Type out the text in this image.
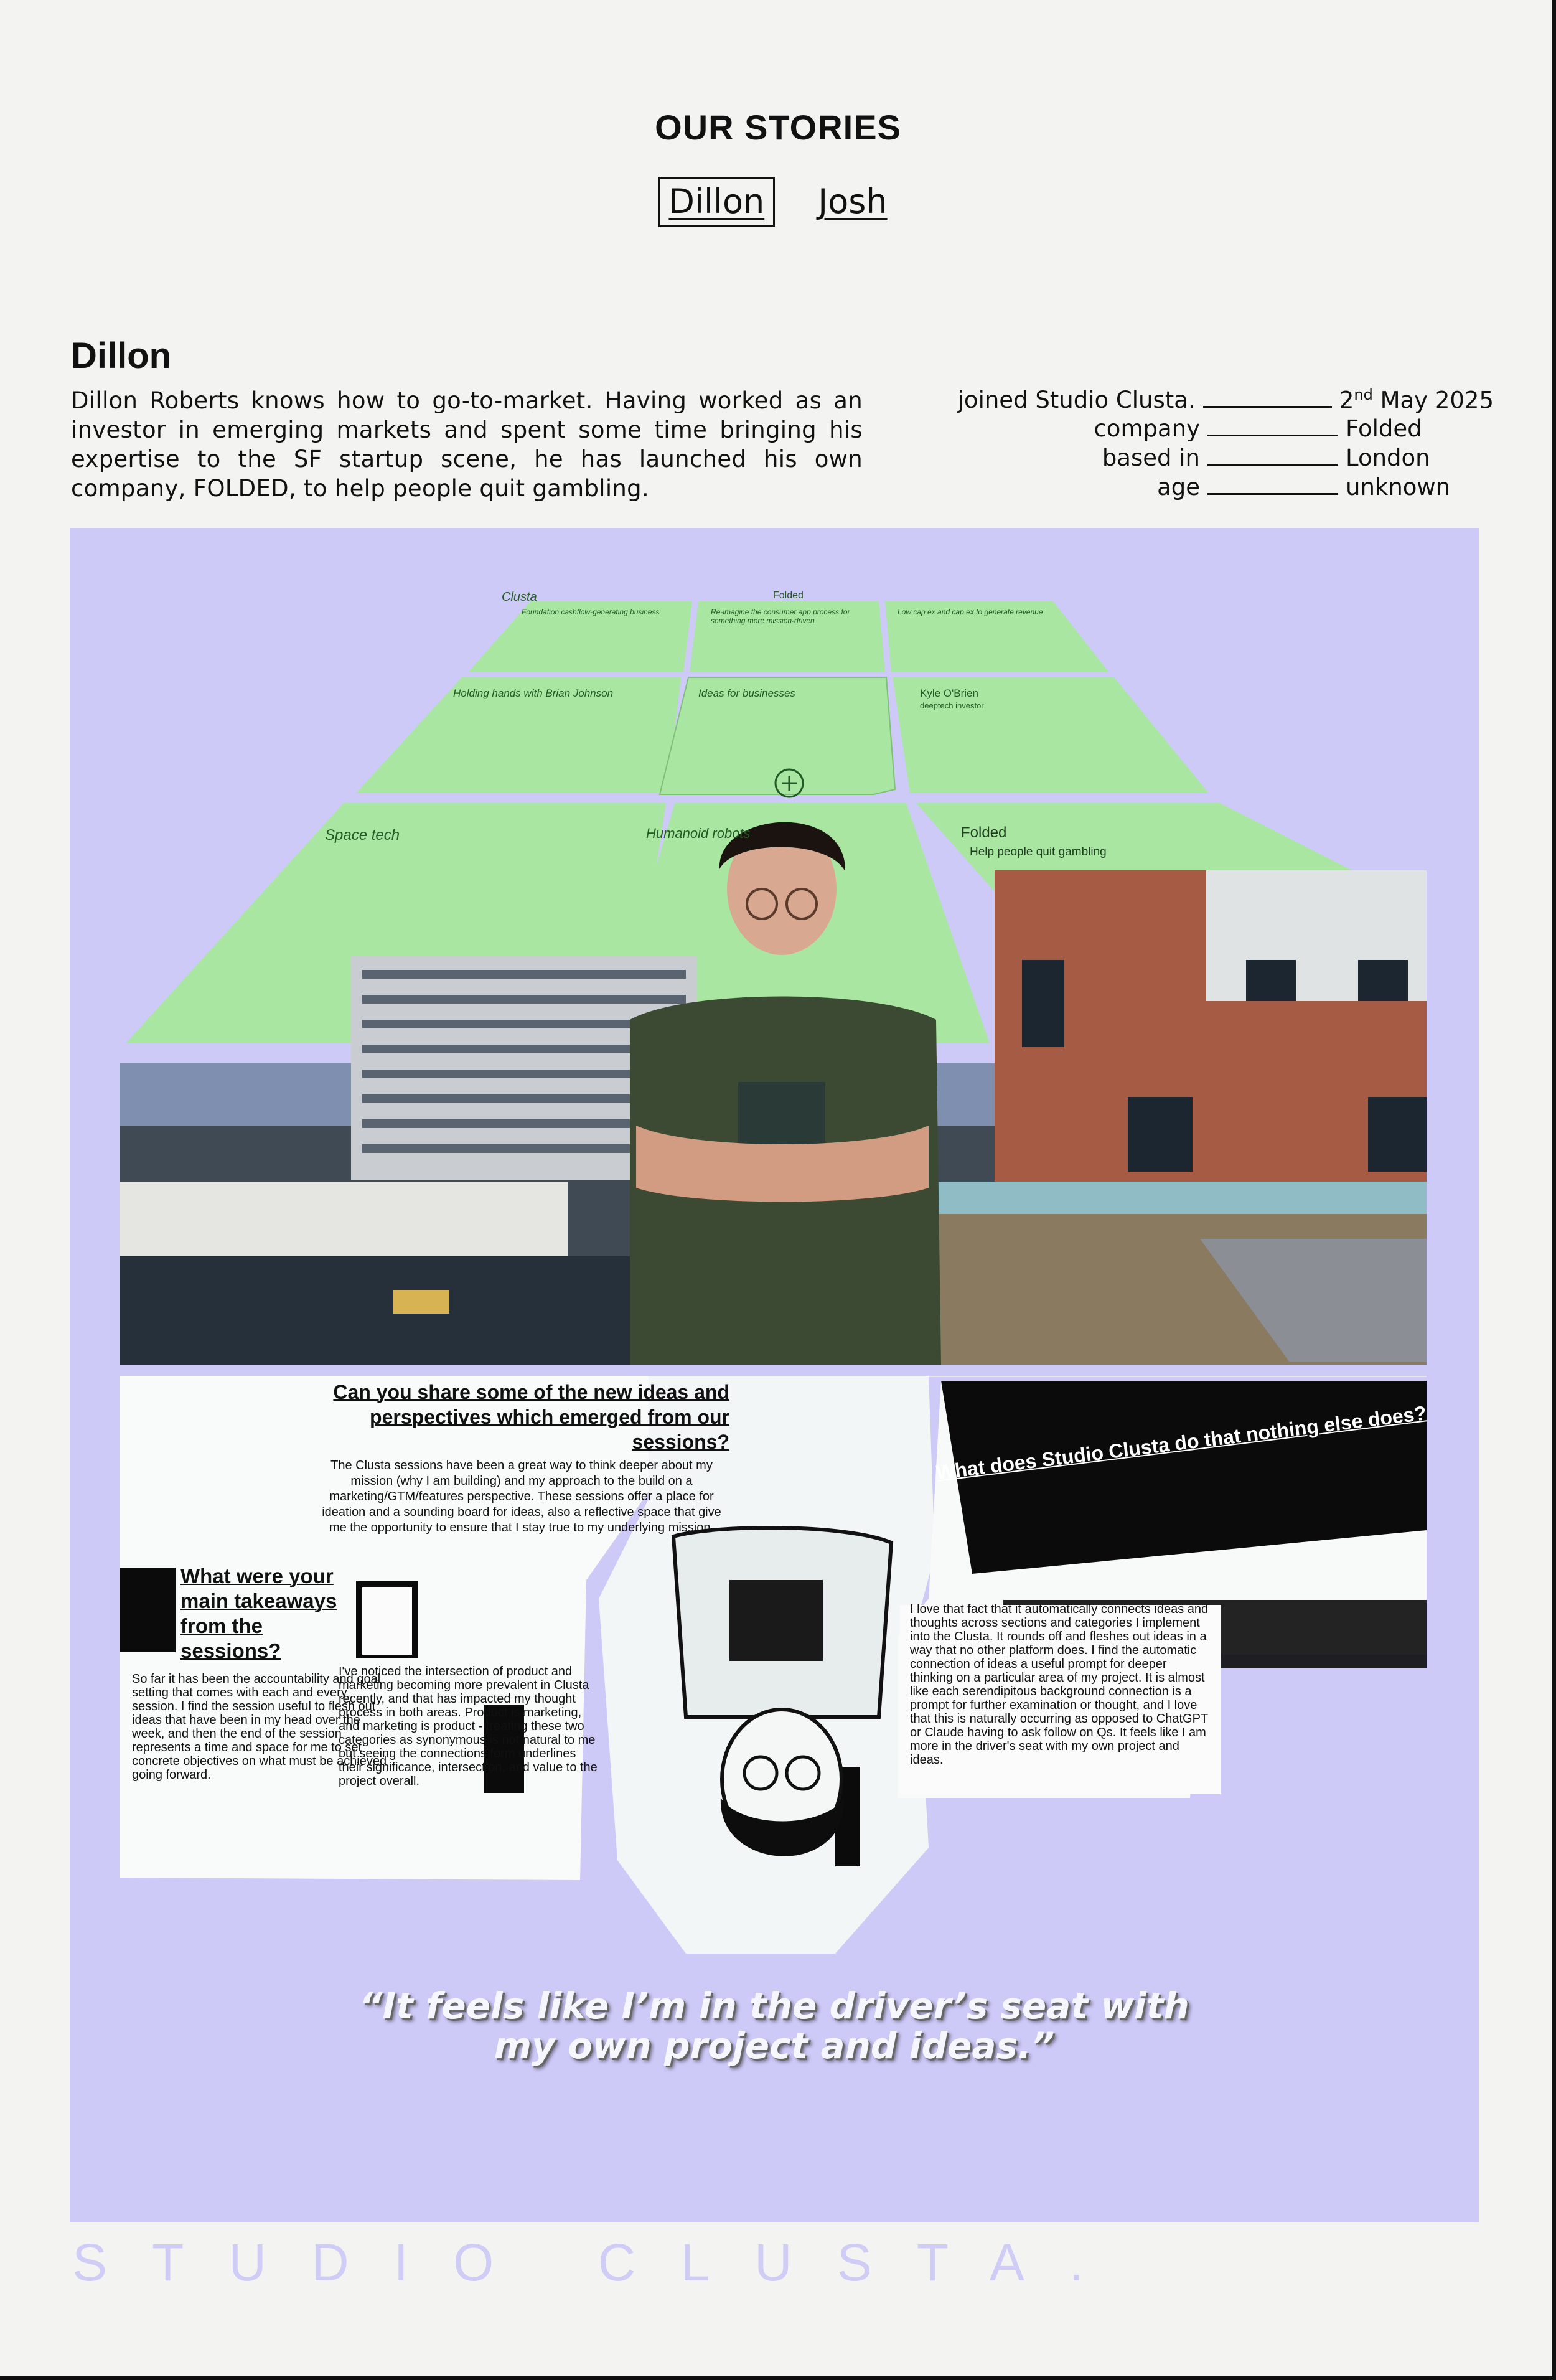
OUR STORIES
Dillon	Josh
Dillon

Dillon Roberts knows how to go-to-market. Having worked as an investor in emerging markets and spent some time bringing his expertise to the SF startup scene, he has launched his own company, FOLDED, to help people quit gambling.

joined Studio Clusta.	2nd May 2025
company	Folded
based in	London
age	unknown
Clusta	Folded
Foundation cashflow-generating business	Re-imagine the consumer app process for something more mission-driven
Low cap ex and cap ex to generate revenue
Holding hands with Brian Johnson	Ideas for businesses	Kyle O'Brien
deeptech investor
Space tech	Humanoid robots	Folded
Help people quit gambling
Can you share some of the new ideas and perspectives which emerged from our sessions?
The Clusta sessions have been a great way to think deeper about my mission (why I am building) and my approach to the build on a marketing/GTM/features perspective. These sessions offer a place for ideation and a sounding board for ideas, also a reflective space that give me the opportunity to ensure that I stay true to my underlying mission.
What were your main takeaways from the sessions?
So far it has been the accountability and goal setting that comes with each and every session. I find the session useful to flesh out ideas that have been in my head over the week, and then the end of the session represents a time and space for me to set concrete objectives on what must be achieved going forward.
I've noticed the intersection of product and marketing becoming more prevalent in Clusta recently, and that has impacted my thought process in both areas. Product is marketing, and marketing is product - treating these two categories as synonymous is not natural to me but seeing the connections form underlines their significance, intersection, and value to the project overall.
What does Studio Clusta do that nothing else does?
I love that fact that it automatically connects ideas and thoughts across sections and categories I implement into the Clusta. It rounds off and fleshes out ideas in a way that no other platform does. I find the automatic connection of ideas a useful prompt for deeper thinking on a particular area of my project. It is almost like each serendipitous background connection is a prompt for further examination or thought, and I love that this is naturally occurring as opposed to ChatGPT or Claude having to ask follow on Qs. It feels like I am more in the driver's seat with my own project and ideas.
“It feels like I’m in the driver’s seat with
my own project and ideas.”
STUDIO CLUSTA.
